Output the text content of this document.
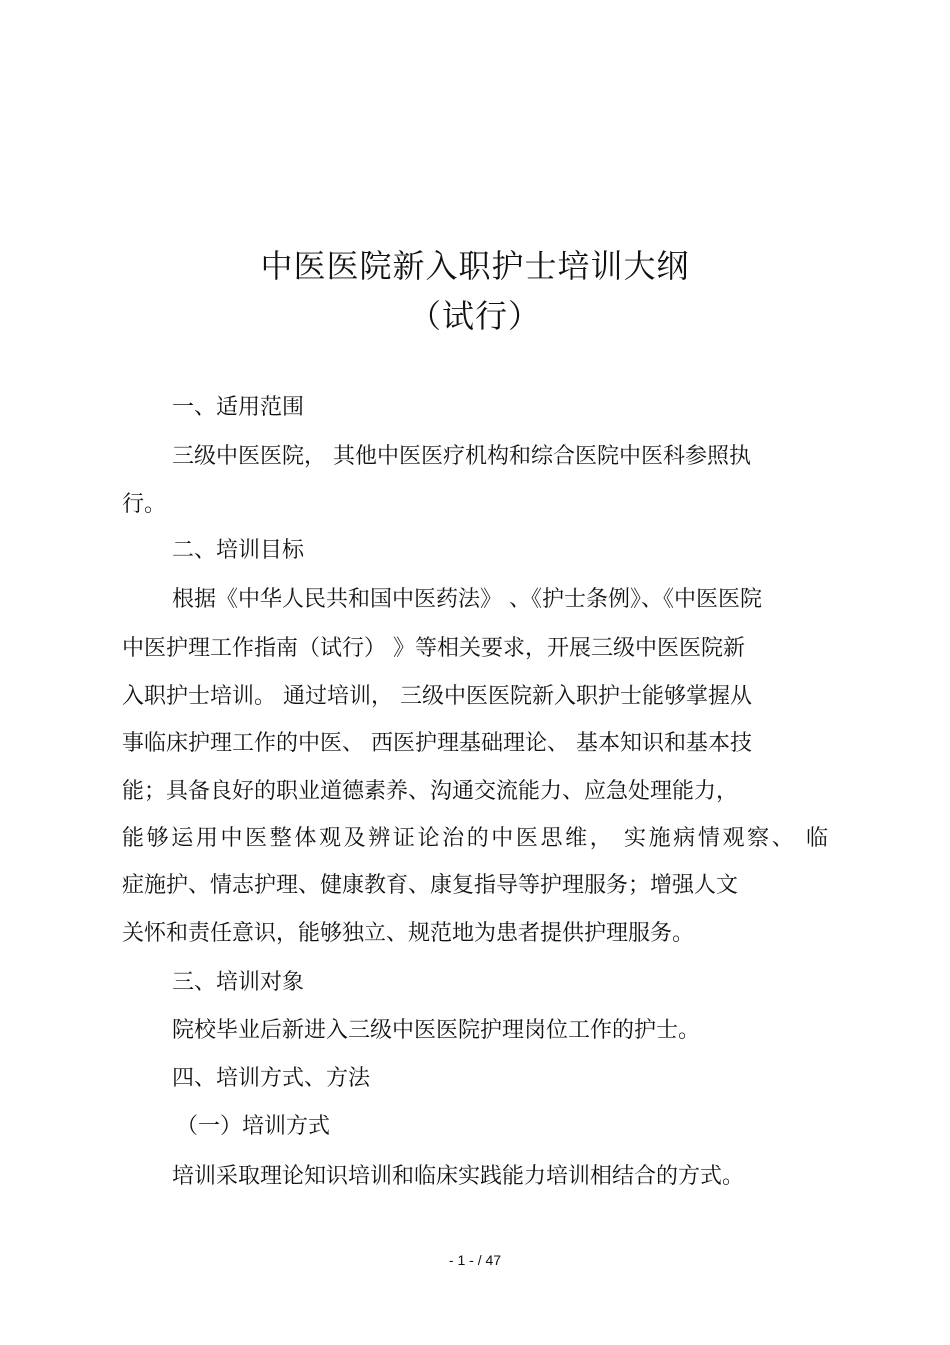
中医医院新入职护士培训大纲
（试行）
一、适用范围
三级中医医院， 其他中医医疗机构和综合医院中医科参照执
行。
二、培训目标
根据《中华人民共和国中医药法》 、《护士条例》、《中医医院
中医护理工作指南（试行） 》等相关要求，开展三级中医医院新
入职护士培训。 通过培训， 三级中医医院新入职护士能够掌握从
事临床护理工作的中医、 西医护理基础理论、 基本知识和基本技
能；具备良好的职业道德素养、沟通交流能力、应急处理能力，
能够运用中医整体观及辨证论治的中医思维， 实施病情观察、 临
症施护、情志护理、健康教育、康复指导等护理服务；增强人文
关怀和责任意识，能够独立、规范地为患者提供护理服务。
三、培训对象
院校毕业后新进入三级中医医院护理岗位工作的护士。
四、培训方式、方法
（一）培训方式
培训采取理论知识培训和临床实践能力培训相结合的方式。
- 1 - / 47
